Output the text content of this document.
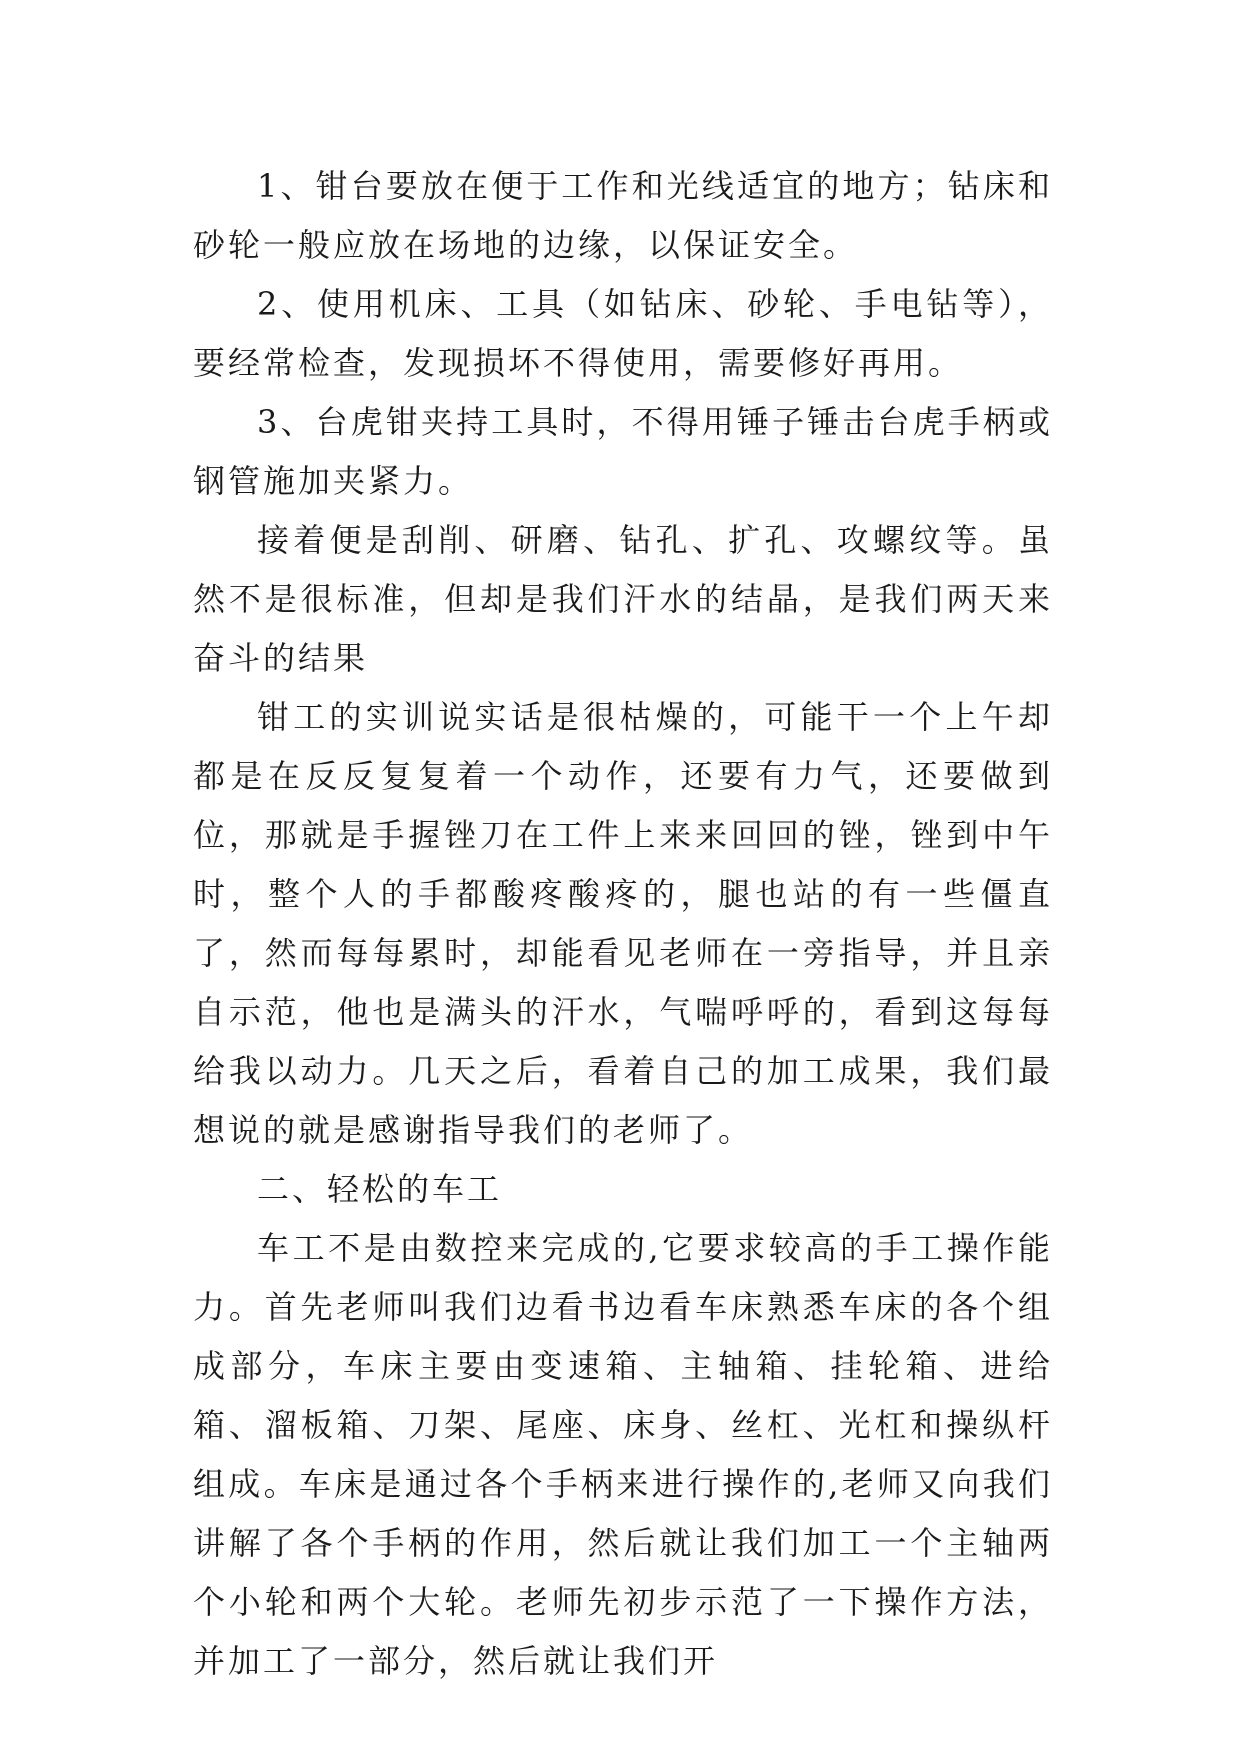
1、钳台要放在便于工作和光线适宜的地方；钻床和砂轮一般应放在场地的边缘，以保证安全。

2、使用机床、工具（如钻床、砂轮、手电钻等），要经常检查，发现损坏不得使用，需要修好再用。

3、台虎钳夹持工具时，不得用锤子锤击台虎手柄或钢管施加夹紧力。

接着便是刮削、研磨、钻孔、扩孔、攻螺纹等。虽然不是很标准，但却是我们汗水的结晶，是我们两天来奋斗的结果

钳工的实训说实话是很枯燥的，可能干一个上午却都是在反反复复着一个动作，还要有力气，还要做到位，那就是手握锉刀在工件上来来回回的锉，锉到中午时，整个人的手都酸疼酸疼的，腿也站的有一些僵直了，然而每每累时，却能看见老师在一旁指导，并且亲自示范，他也是满头的汗水，气喘呼呼的，看到这每每给我以动力。几天之后，看着自己的加工成果，我们最想说的就是感谢指导我们的老师了。

二、轻松的车工

车工不是由数控来完成的,它要求较高的手工操作能力。首先老师叫我们边看书边看车床熟悉车床的各个组成部分，车床主要由变速箱、主轴箱、挂轮箱、进给箱、溜板箱、刀架、尾座、床身、丝杠、光杠和操纵杆组成。车床是通过各个手柄来进行操作的,老师又向我们讲解了各个手柄的作用，然后就让我们加工一个主轴两个小轮和两个大轮。老师先初步示范了一下操作方法，并加工了一部分，然后就让我们开
